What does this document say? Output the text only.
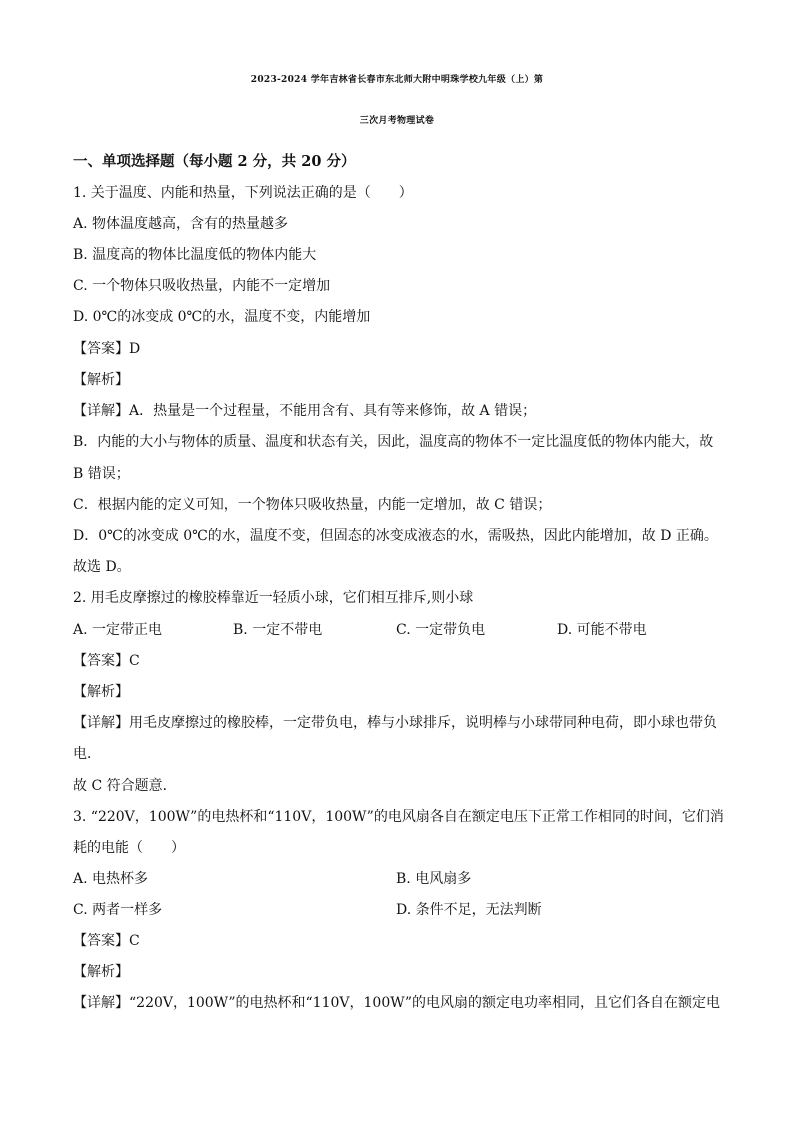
2023-2024 学年吉林省长春市东北师大附中明珠学校九年级（上）第
三次月考物理试卷
一、单项选择题（每小题 2 分，共 20 分）
1. 关于温度、内能和热量，下列说法正确的是（　　）
A. 物体温度越高，含有的热量越多
B. 温度高的物体比温度低的物体内能大
C. 一个物体只吸收热量，内能不一定增加
D. 0℃的冰变成 0℃的水，温度不变，内能增加
【答案】D
【解析】
【详解】A．热量是一个过程量，不能用含有、具有等来修饰，故 A 错误；
B．内能的大小与物体的质量、温度和状态有关，因此，温度高的物体不一定比温度低的物体内能大，故
B 错误；
C．根据内能的定义可知，一个物体只吸收热量，内能一定增加，故 C 错误；
D．0℃的冰变成 0℃的水，温度不变，但固态的冰变成液态的水，需吸热，因此内能增加，故 D 正确。
故选 D。
2. 用毛皮摩擦过的橡胶棒靠近一轻质小球，它们相互排斥,则小球
A. 一定带正电	B. 一定不带电	C. 一定带负电	D. 可能不带电
【答案】C
【解析】
【详解】用毛皮摩擦过的橡胶棒，一定带负电，棒与小球排斥，说明棒与小球带同种电荷，即小球也带负
电．
故 C 符合题意．
3. “220V，100W”的电热杯和“110V，100W”的电风扇各自在额定电压下正常工作相同的时间，它们消
耗的电能（　　）
A. 电热杯多	B. 电风扇多
C. 两者一样多	D. 条件不足，无法判断
【答案】C
【解析】
【详解】“220V，100W”的电热杯和“110V，100W”的电风扇的额定电功率相同，且它们各自在额定电
